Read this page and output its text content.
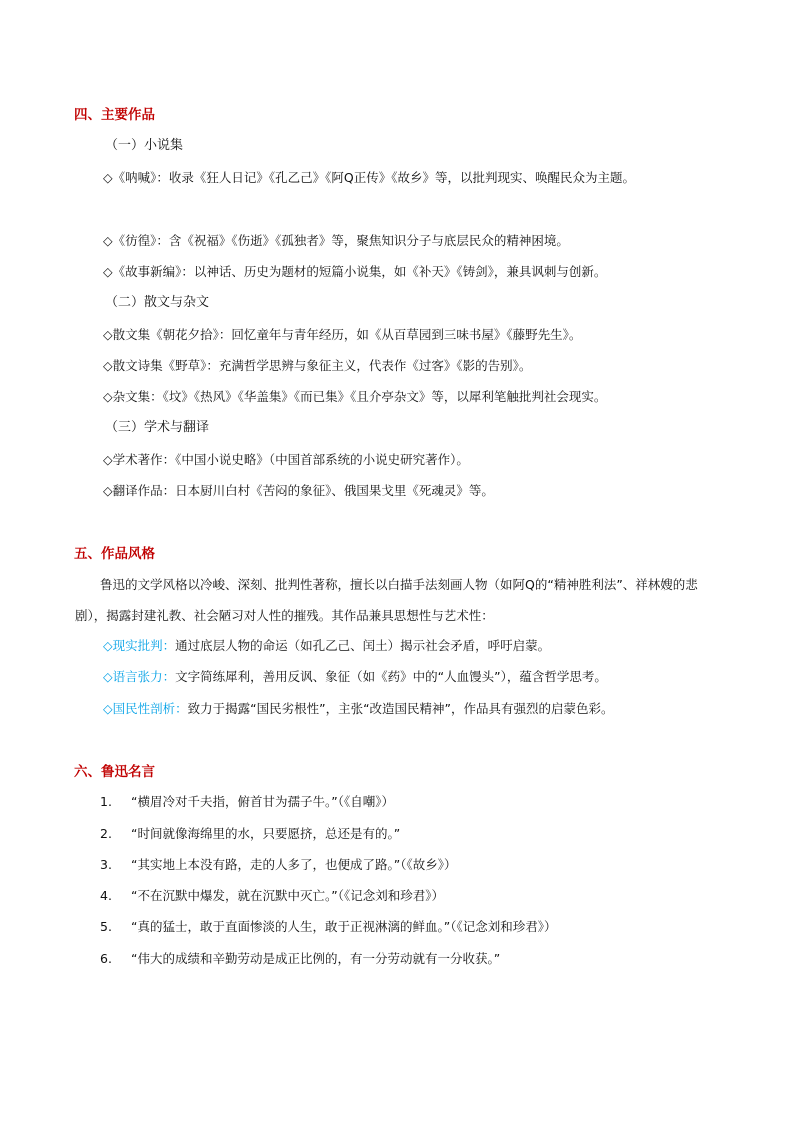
四、主要作品
（一）小说集
◇《呐喊》：收录《狂人日记》《孔乙己》《阿Q正传》《故乡》等，以批判现实、唤醒民众为主题。
◇《彷徨》：含《祝福》《伤逝》《孤独者》等，聚焦知识分子与底层民众的精神困境。
◇《故事新编》：以神话、历史为题材的短篇小说集，如《补天》《铸剑》，兼具讽刺与创新。
（二）散文与杂文
◇散文集《朝花夕拾》：回忆童年与青年经历，如《从百草园到三味书屋》《藤野先生》。
◇散文诗集《野草》：充满哲学思辨与象征主义，代表作《过客》《影的告别》。
◇杂文集：《坟》《热风》《华盖集》《而已集》《且介亭杂文》等，以犀利笔触批判社会现实。
（三）学术与翻译
◇学术著作：《中国小说史略》（中国首部系统的小说史研究著作）。
◇翻译作品：日本厨川白村《苦闷的象征》、俄国果戈里《死魂灵》等。
五、作品风格
鲁迅的文学风格以冷峻、深刻、批判性著称，擅长以白描手法刻画人物（如阿Q的“精神胜利法”、祥林嫂的悲剧），揭露封建礼教、社会陋习对人性的摧残。其作品兼具思想性与艺术性：
◇现实批判：通过底层人物的命运（如孔乙己、闰土）揭示社会矛盾，呼吁启蒙。
◇语言张力：文字简练犀利，善用反讽、象征（如《药》中的“人血馒头”），蕴含哲学思考。
◇国民性剖析：致力于揭露“国民劣根性”，主张“改造国民精神”，作品具有强烈的启蒙色彩。
六、鲁迅名言
1. “横眉冷对千夫指，俯首甘为孺子牛。”（《自嘲》）
2. “时间就像海绵里的水，只要愿挤，总还是有的。”
3. “其实地上本没有路，走的人多了，也便成了路。”（《故乡》）
4. “不在沉默中爆发，就在沉默中灭亡。”（《记念刘和珍君》）
5. “真的猛士，敢于直面惨淡的人生，敢于正视淋漓的鲜血。”（《记念刘和珍君》）
6. “伟大的成绩和辛勤劳动是成正比例的，有一分劳动就有一分收获。”
